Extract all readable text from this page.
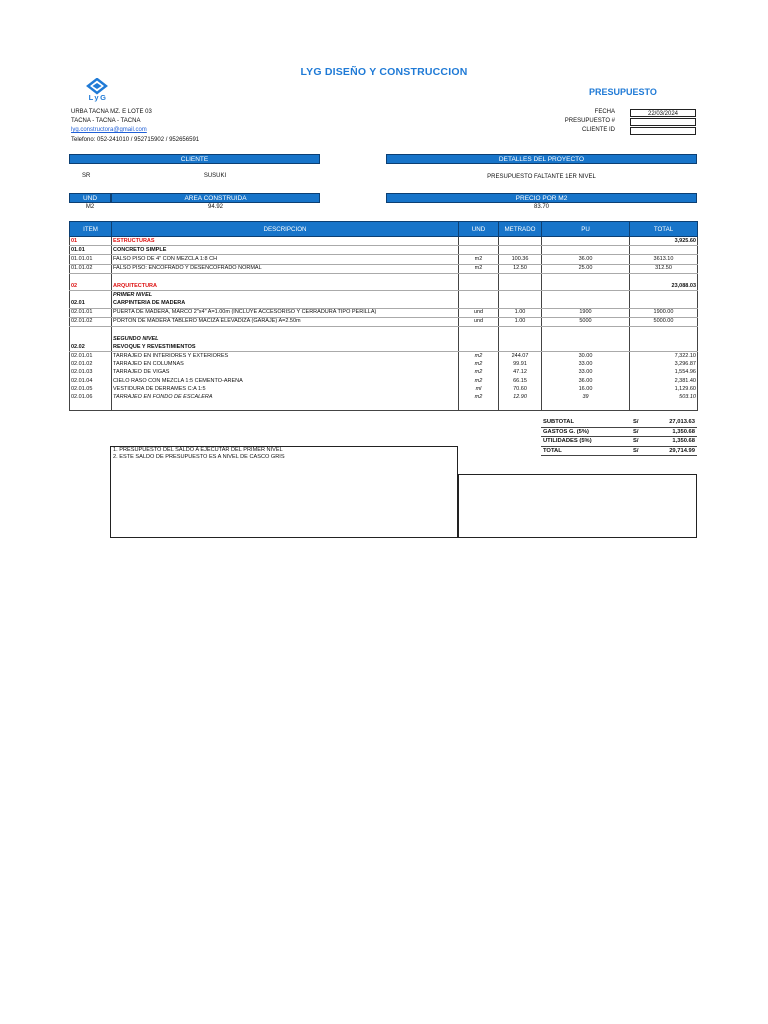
LYG DISEÑO Y CONSTRUCCION
LyG
PRESUPUESTO
URBA TACNA MZ. E LOTE 03
TACNA - TACNA - TACNA
lyg.constructora@gmail.com
Telefono: 052-241010 / 952715902 / 952656591
FECHA	22/03/2024
PRESUPUESTO #
CLIENTE ID
CLIENTE	DETALLES DEL PROYECTO
SR	SUSUKI	PRESUPUESTO FALTANTE 1ER NIVEL
UND	AREA CONSTRUIDA	PRECIO POR M2
M2	94.92	83.70
ITEM	DESCRIPCION	UND	METRADO	PU	TOTAL
01	ESTRUCTURAS				3,925.60
01.01	CONCRETO SIMPLE				
01.01.01	FALSO PISO DE 4" CON MEZCLA 1:8 CH	m2	100.36	36.00	3613.10
01.01.02	FALSO PISO: ENCOFRADO Y DESENCOFRADO NORMAL	m2	12.50	25.00	312.50

02	ARQUITECTURA				23,088.03
	PRIMER NIVEL				
02.01	CARPINTERIA DE MADERA				
02.01.01	PUERTA DE MADERA, MARCO 2"x4" A=1.00m (INCLUYE ACCESORISO Y CERRADURA TIPO PERILLA)	und	1.00	1900	1900.00
02.01.02	PORTON DE MADERA TABLERO MACIZA ELEVADIZA (GARAJE) A=2.50m	und	1.00	5000	5000.00

	SEGUNDO NIVEL				
02.02	REVOQUE Y REVESTIMIENTOS				
02.01.01	TARRAJEO EN INTERIORES Y EXTERIORES	m2	244.07	30.00	7,322.10
02.01.02	TARRAJEO EN COLUMNAS	m2	99.91	33.00	3,296.87
02.01.03	TARRAJEO DE VIGAS	m2	47.12	33.00	1,554.96
02.01.04	CIELO RASO CON MEZCLA 1:5 CEMENTO-ARENA	m2	66.15	36.00	2,381.40
02.01.05	VESTIDURA DE DERRAMES C:A 1:5	ml	70.60	16.00	1,129.60
02.01.06	TARRAJEO EN FONDO DE ESCALERA	m2	12.90	39	503.10

SUBTOTAL	S/	27,013.63
GASTOS G. (5%)	S/	1,350.68
UTILIDADES (5%)	S/	1,350.68
TOTAL	S/	29,714.99
1. PRESUPUESTO DEL SALDO A EJECUTAR DEL PRIMER NIVEL
2. ESTE SALDO DE PRESUPUESTO ES A NIVEL DE CASCO GRIS
